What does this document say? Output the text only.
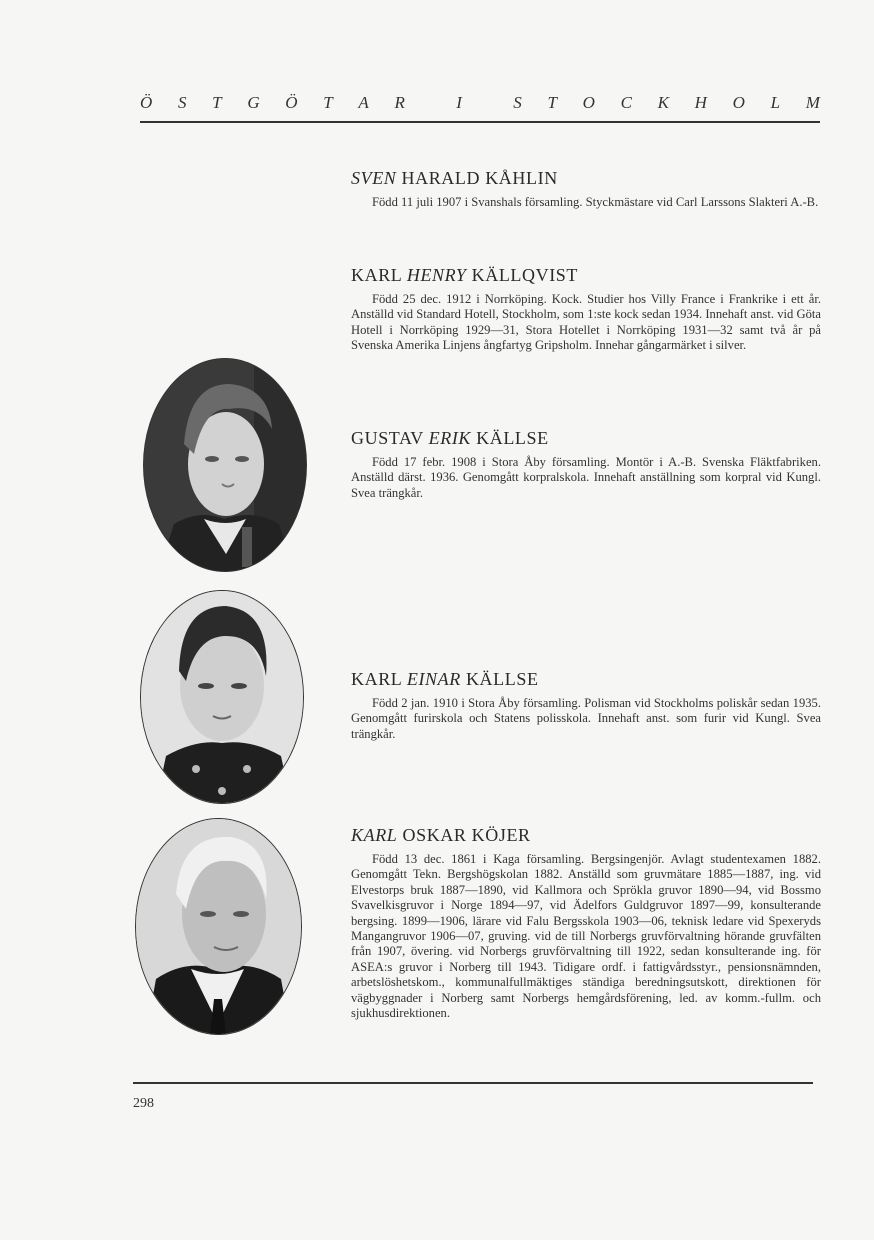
Ö S T G Ö T A R	I	S T O C K H O L M
SVEN HARALD KÅHLIN

Född 11 juli 1907 i Svanshals församling. Styckmästare vid Carl Larssons Slakteri A.-B.

KARL HENRY KÄLLQVIST

Född 25 dec. 1912 i Norrköping. Kock. Studier hos Villy France i Frankrike i ett år. Anställd vid Standard Hotell, Stockholm, som 1:ste kock sedan 1934. Innehaft anst. vid Göta Hotell i Norrköping 1929—31, Stora Hotellet i Norrköping 1931—32 samt två år på Svenska Amerika Linjens ångfartyg Gripsholm. Innehar gångarmärket i silver.

GUSTAV ERIK KÄLLSE

Född 17 febr. 1908 i Stora Åby församling. Montör i A.-B. Svenska Fläktfabriken. Anställd därst. 1936. Genomgått korpralskola. Innehaft anställning som korpral vid Kungl. Svea trängkår.

KARL EINAR KÄLLSE

Född 2 jan. 1910 i Stora Åby församling. Polisman vid Stockholms poliskår sedan 1935. Genomgått furirskola och Statens polisskola. Innehaft anst. som furir vid Kungl. Svea trängkår.

KARL OSKAR KÖJER

Född 13 dec. 1861 i Kaga församling. Bergsingenjör. Avlagt studentexamen 1882. Genomgått Tekn. Bergshögskolan 1882. Anställd som gruvmätare 1885—1887, ing. vid Elvestorps bruk 1887—1890, vid Kallmora och Sprökla gruvor 1890—94, vid Bossmo Svavelkisgruvor i Norge 1894—97, vid Ädelfors Guldgruvor 1897—99, konsulterande bergsing. 1899—1906, lärare vid Falu Bergsskola 1903—06, teknisk ledare vid Spexeryds Mangangruvor 1906—07, gruving. vid de till Norbergs gruvförvaltning hörande gruvfälten från 1907, övering. vid Norbergs gruvförvaltning till 1922, sedan konsulterande ing. för ASEA:s gruvor i Norberg till 1943. Tidigare ordf. i fattigvårdsstyr., pensionsnämnden, arbetslöshetskom., kommunalfullmäktiges ständiga beredningsutskott, direktionen för vägbyggnader i Norberg samt Norbergs hemgårdsförening, led. av komm.-fullm. och sjukhusdirektionen.

298
